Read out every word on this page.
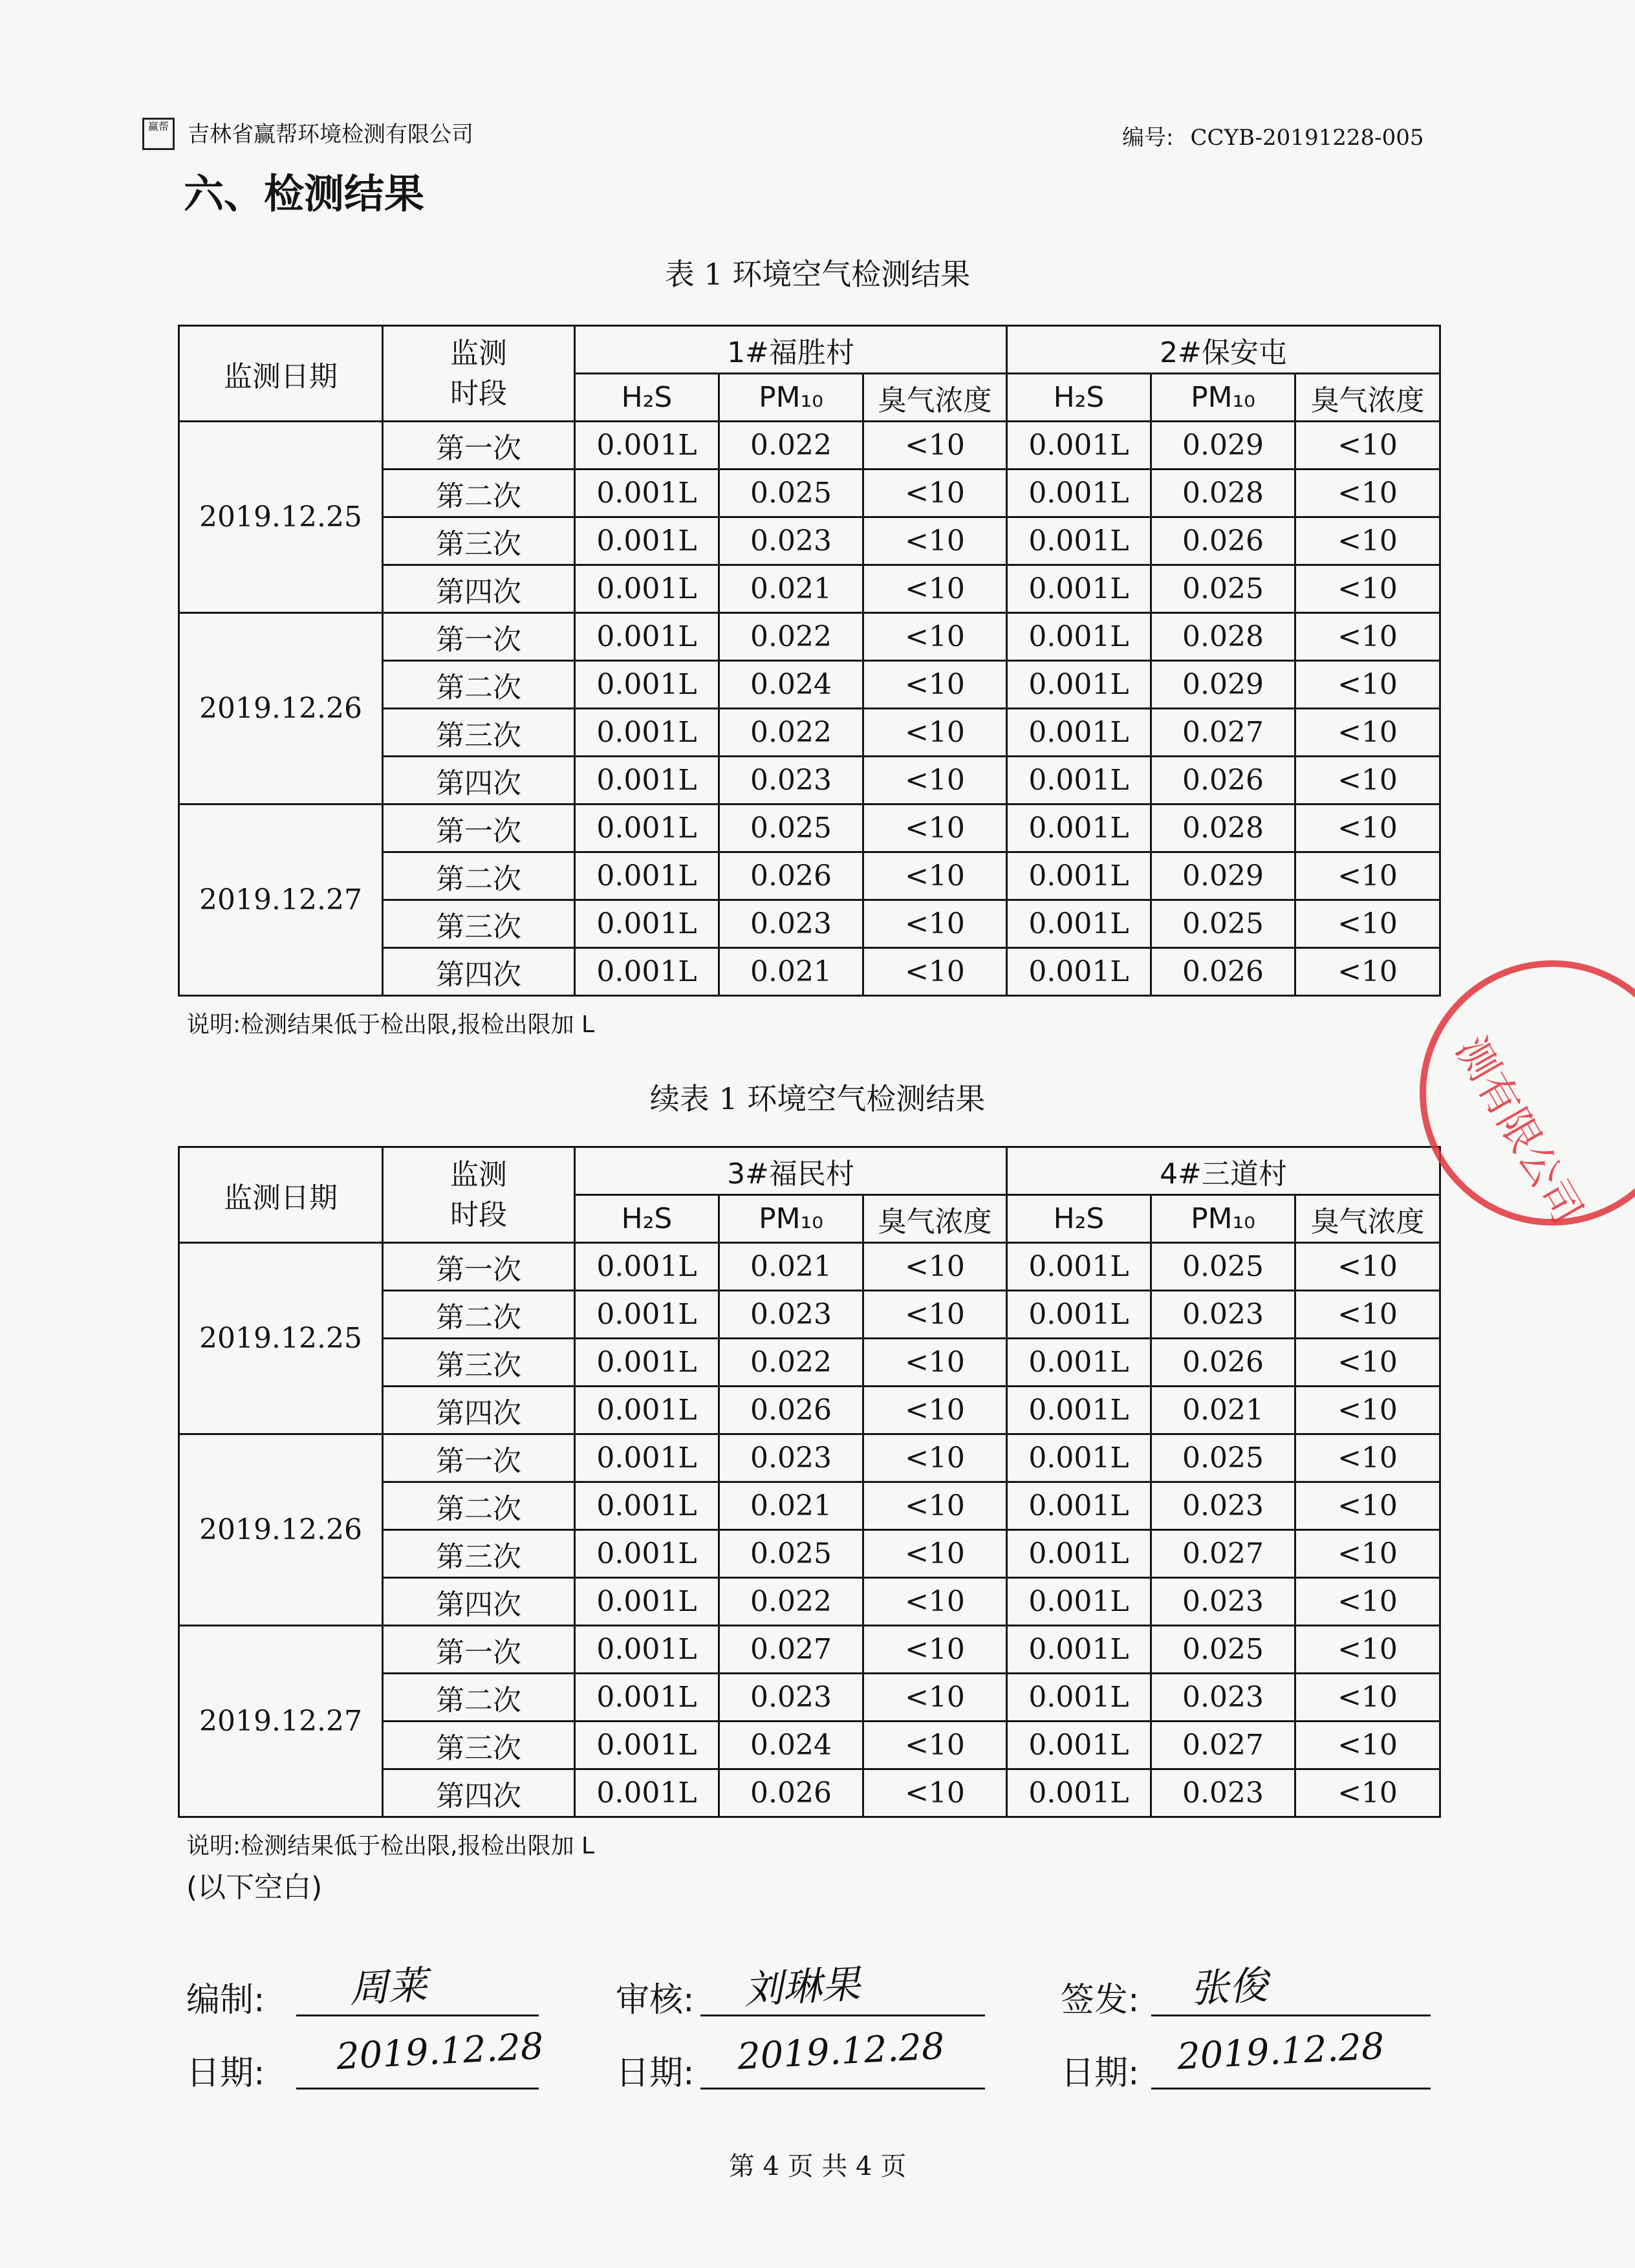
赢帮 吉林省赢帮环境检测有限公司	编号: CCYB-20191228-005
六、检测结果
表 1 环境空气检测结果
监测日期	监测
时段	1#福胜村			2#保安屯		
		H₂S	PM₁₀	臭气浓度	H₂S	PM₁₀	臭气浓度
2019.12.25	第一次	0.001L	0.022	<10	0.001L	0.029	<10
	第二次	0.001L	0.025	<10	0.001L	0.028	<10
	第三次	0.001L	0.023	<10	0.001L	0.026	<10
	第四次	0.001L	0.021	<10	0.001L	0.025	<10
2019.12.26	第一次	0.001L	0.022	<10	0.001L	0.028	<10
	第二次	0.001L	0.024	<10	0.001L	0.029	<10
	第三次	0.001L	0.022	<10	0.001L	0.027	<10
	第四次	0.001L	0.023	<10	0.001L	0.026	<10
2019.12.27	第一次	0.001L	0.025	<10	0.001L	0.028	<10
	第二次	0.001L	0.026	<10	0.001L	0.029	<10
	第三次	0.001L	0.023	<10	0.001L	0.025	<10
	第四次	0.001L	0.021	<10	0.001L	0.026	<10
说明:检测结果低于检出限,报检出限加 L
续表 1 环境空气检测结果
监测日期	监测
时段	3#福民村			4#三道村		
		H₂S	PM₁₀	臭气浓度	H₂S	PM₁₀	臭气浓度
2019.12.25	第一次	0.001L	0.021	<10	0.001L	0.025	<10
	第二次	0.001L	0.023	<10	0.001L	0.023	<10
	第三次	0.001L	0.022	<10	0.001L	0.026	<10
	第四次	0.001L	0.026	<10	0.001L	0.021	<10
2019.12.26	第一次	0.001L	0.023	<10	0.001L	0.025	<10
	第二次	0.001L	0.021	<10	0.001L	0.023	<10
	第三次	0.001L	0.025	<10	0.001L	0.027	<10
	第四次	0.001L	0.022	<10	0.001L	0.023	<10
2019.12.27	第一次	0.001L	0.027	<10	0.001L	0.025	<10
	第二次	0.001L	0.023	<10	0.001L	0.023	<10
	第三次	0.001L	0.024	<10	0.001L	0.027	<10
	第四次	0.001L	0.026	<10	0.001L	0.023	<10
说明:检测结果低于检出限,报检出限加 L
(以下空白)
编制: 周莱	审核: 刘琳果	签发: 张俊
日期: 2019.12.28 日期: 2019.12.28	日期: 2019.12.28
测有限公司
第 4 页 共 4 页
